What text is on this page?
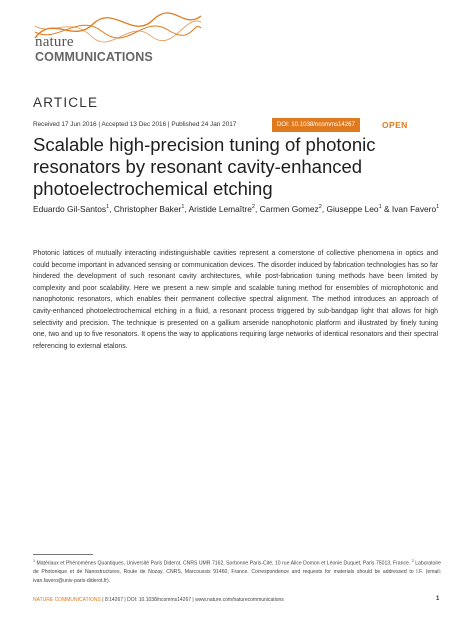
nature
COMMUNICATIONS
ARTICLE
Received 17 Jun 2016 | Accepted 13 Dec 2016 | Published 24 Jan 2017	DOI: 10.1038/ncomms14267	OPEN
Scalable high-precision tuning of photonic
resonators by resonant cavity-enhanced
photoelectrochemical etching
Eduardo Gil-Santos$^1$, Christopher Baker$^1$, Aristide Lemaître$^2$, Carmen Gomez$^2$, Giuseppe Leo$^1$ & Ivan Favero$^1$
Photonic lattices of mutually interacting indistinguishable cavities represent a cornerstone of collective phenomena in optics and could become important in advanced sensing or communication devices. The disorder induced by fabrication technologies has so far hindered the development of such resonant cavity architectures, while post-fabrication tuning methods have been limited by complexity and poor scalability. Here we present a new simple and scalable tuning method for ensembles of microphotonic and nanophotonic resonators, which enables their permanent collective spectral alignment. The method introduces an approach of cavity-enhanced photoelectrochemical etching in a fluid, a resonant process triggered by sub-bandgap light that allows for high selectivity and precision. The technique is presented on a gallium arsenide nanophotonic platform and illustrated by finely tuning one, two and up to five resonators. It opens the way to applications requiring large networks of identical resonators and their spectral referencing to external etalons.
$^1$ Matériaux et Phénomènes Quantiques, Université Paris Diderot, CNRS UMR 7162, Sorbonne Paris-Cité, 10 rue Alice Domon et Léonie Duquet, Paris 75013, France. $^2$ Laboratoire de Photonique et de Nanostructures, Route de Nozay, CNRS, Marcoussis 91460, France. Correspondence and requests for materials should be addressed to I.F. (email: ivan.favero@univ-paris-diderot.fr).
NATURE COMMUNICATIONS | 8:14267 | DOI: 10.1038/ncomms14267 | www.nature.com/naturecommunications	1
